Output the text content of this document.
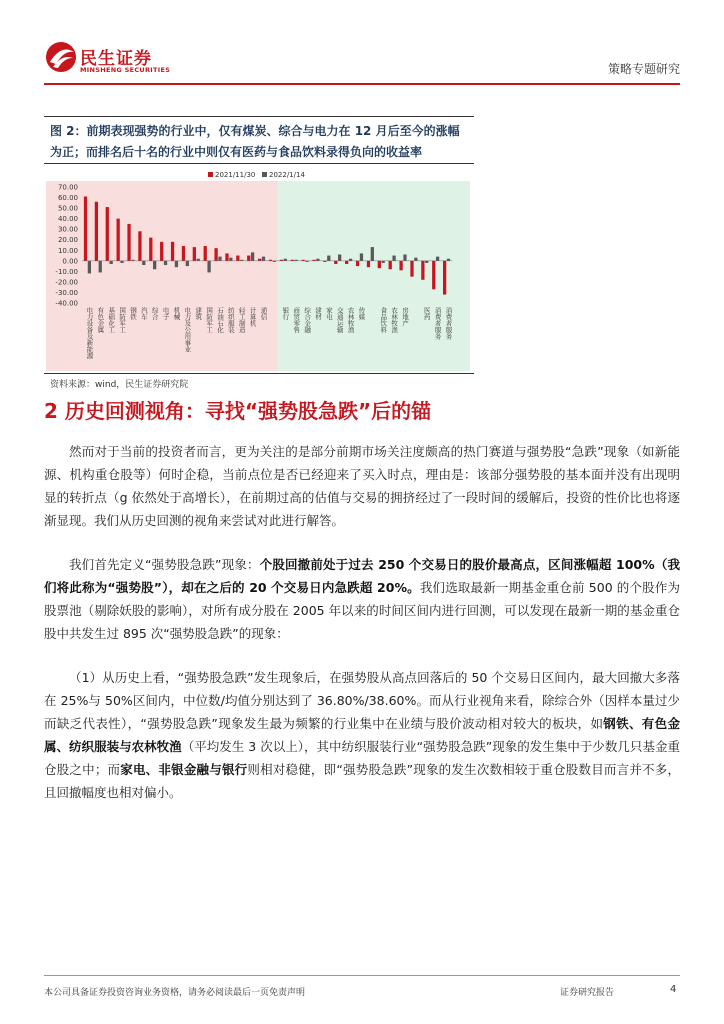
民生证券
MINSHENG SECURITIES	策略专题研究
图 2：前期表现强势的行业中，仅有煤炭、综合与电力在 12 月后至今的涨幅
为正；而排名后十名的行业中则仅有医药与食品饮料录得负向的收益率
2021/11/30 2022/1/14
70.00
60.00
50.00
40.00
30.00
20.00
10.00
0.00
-10.00
-20.00
-30.00
-40.00
电力设备及新能源 有色金属 基础化工 国防军工 钢铁 汽车 综合 电子 机械 电力及公用事业 建筑 国防军工 石油石化 纺织服装 轻工制造 计算机 通信 银行 商贸零售 综合金融 建材 家电 交通运输 农林牧渔 传媒 食品饮料 农林牧渔 房地产 医药 消费者服务 消费者服务
资料来源：wind，民生证券研究院
2 历史回测视角：寻找“强势股急跌”后的锚
然而对于当前的投资者而言，更为关注的是部分前期市场关注度颇高的热门赛道与强势股“急跌”现象（如新能源、机构重仓股等）何时企稳，当前点位是否已经迎来了买入时点，理由是：该部分强势股的基本面并没有出现明显的转折点（g 依然处于高增长），在前期过高的估值与交易的拥挤经过了一段时间的缓解后，投资的性价比也将逐渐显现。我们从历史回测的视角来尝试对此进行解答。
我们首先定义“强势股急跌”现象：个股回撤前处于过去 250 个交易日的股价最高点，区间涨幅超 100%（我们将此称为“强势股”），却在之后的 20 个交易日内急跌超 20%。我们选取最新一期基金重仓前 500 的个股作为股票池（剔除妖股的影响），对所有成分股在 2005 年以来的时间区间内进行回测，可以发现在最新一期的基金重仓股中共发生过 895 次“强势股急跌”的现象：
（1）从历史上看，“强势股急跌”发生现象后，在强势股从高点回落后的 50 个交易日区间内，最大回撤大多落在 25%与 50%区间内，中位数/均值分别达到了 36.80%/38.60%。而从行业视角来看，除综合外（因样本量过少而缺乏代表性），“强势股急跌”现象发生最为频繁的行业集中在业绩与股价波动相对较大的板块，如钢铁、有色金属、纺织服装与农林牧渔（平均发生 3 次以上），其中纺织服装行业“强势股急跌”现象的发生集中于少数几只基金重仓股之中；而家电、非银金融与银行则相对稳健，即“强势股急跌”现象的发生次数相较于重仓股数目而言并不多，且回撤幅度也相对偏小。
本公司具备证券投资咨询业务资格，请务必阅读最后一页免责声明	证券研究报告	4
